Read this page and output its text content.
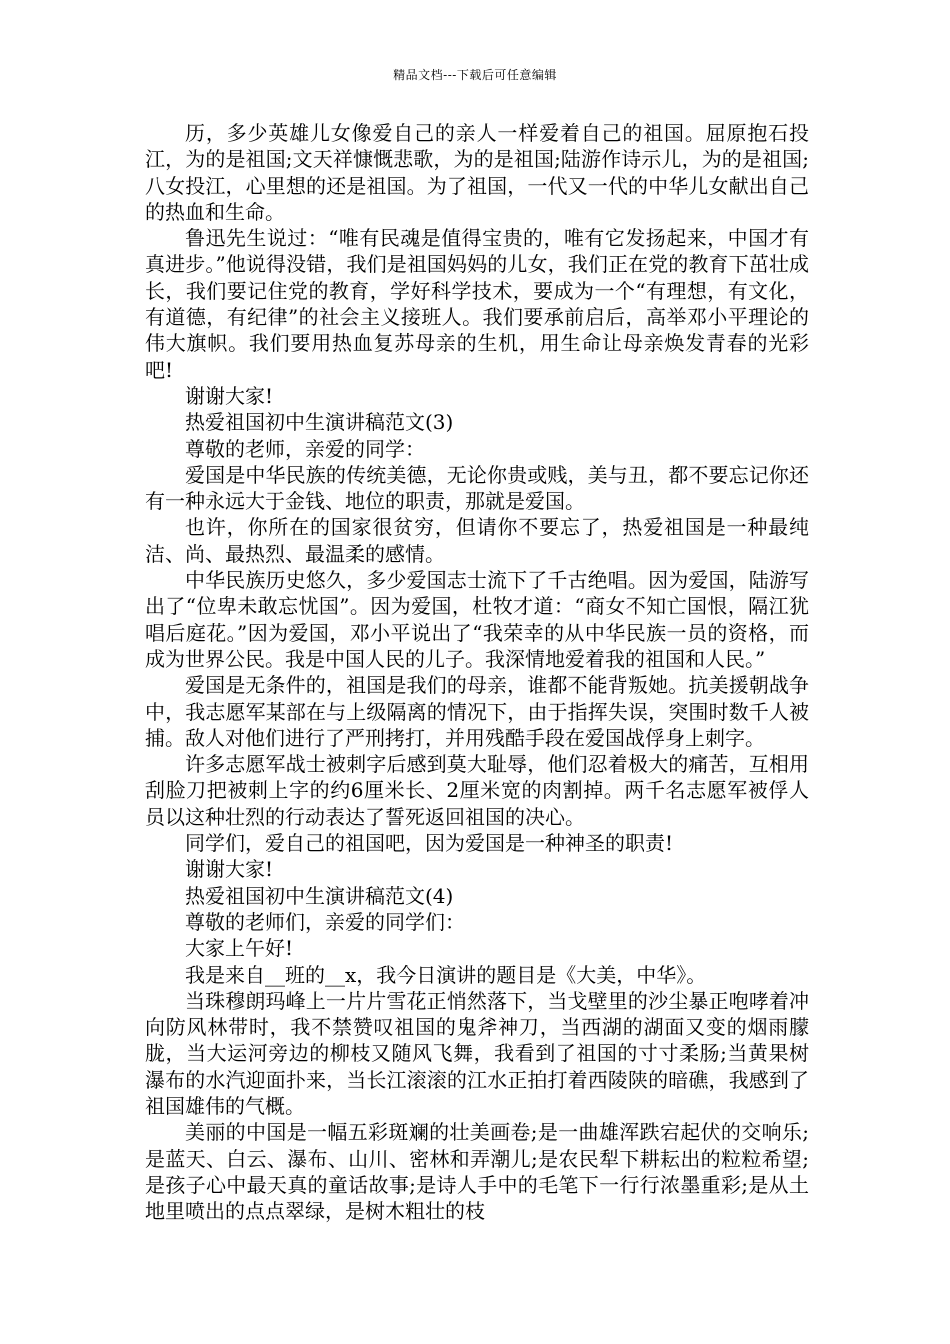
精品文档---下载后可任意编辑

历，多少英雄儿女像爱自己的亲人一样爱着自己的祖国。屈原抱石投江，为的是祖国;文天祥慷慨悲歌，为的是祖国;陆游作诗示儿，为的是祖国;八女投江，心里想的还是祖国。为了祖国，一代又一代的中华儿女献出自己的热血和生命。

鲁迅先生说过：“唯有民魂是值得宝贵的，唯有它发扬起来，中国才有真进步。”他说得没错，我们是祖国妈妈的儿女，我们正在党的教育下茁壮成长，我们要记住党的教育，学好科学技术，要成为一个“有理想，有文化，有道德，有纪律”的社会主义接班人。我们要承前启后，高举邓小平理论的伟大旗帜。我们要用热血复苏母亲的生机，用生命让母亲焕发青春的光彩吧!

谢谢大家!

热爱祖国初中生演讲稿范文(3)

尊敬的老师，亲爱的同学：

爱国是中华民族的传统美德，无论你贵或贱，美与丑，都不要忘记你还有一种永远大于金钱、地位的职责，那就是爱国。

也许，你所在的国家很贫穷，但请你不要忘了，热爱祖国是一种最纯洁、尚、最热烈、最温柔的感情。

中华民族历史悠久，多少爱国志士流下了千古绝唱。因为爱国，陆游写出了“位卑未敢忘忧国”。因为爱国，杜牧才道：“商女不知亡国恨，隔江犹唱后庭花。”因为爱国，邓小平说出了“我荣幸的从中华民族一员的资格，而成为世界公民。我是中国人民的儿子。我深情地爱着我的祖国和人民。”

爱国是无条件的，祖国是我们的母亲，谁都不能背叛她。抗美援朝战争中，我志愿军某部在与上级隔离的情况下，由于指挥失误，突围时数千人被捕。敌人对他们进行了严刑拷打，并用残酷手段在爱国战俘身上刺字。

许多志愿军战士被刺字后感到莫大耻辱，他们忍着极大的痛苦，互相用刮脸刀把被刺上字的约6厘米长、2厘米宽的肉割掉。两千名志愿军被俘人员以这种壮烈的行动表达了誓死返回祖国的决心。

同学们，爱自己的祖国吧，因为爱国是一种神圣的职责!

谢谢大家!

热爱祖国初中生演讲稿范文(4)

尊敬的老师们，亲爱的同学们：

大家上午好!

我是来自__班的__x，我今日演讲的题目是《大美，中华》。

当珠穆朗玛峰上一片片雪花正悄然落下，当戈壁里的沙尘暴正咆哮着冲向防风林带时，我不禁赞叹祖国的鬼斧神刀，当西湖的湖面又变的烟雨朦胧，当大运河旁边的柳枝又随风飞舞，我看到了祖国的寸寸柔肠;当黄果树瀑布的水汽迎面扑来，当长江滚滚的江水正拍打着西陵陕的暗礁，我感到了祖国雄伟的气概。

美丽的中国是一幅五彩斑斓的壮美画卷;是一曲雄浑跌宕起伏的交响乐;是蓝天、白云、瀑布、山川、密林和弄潮儿;是农民犁下耕耘出的粒粒希望;是孩子心中最天真的童话故事;是诗人手中的毛笔下一行行浓墨重彩;是从土地里喷出的点点翠绿，是树木粗壮的枝
